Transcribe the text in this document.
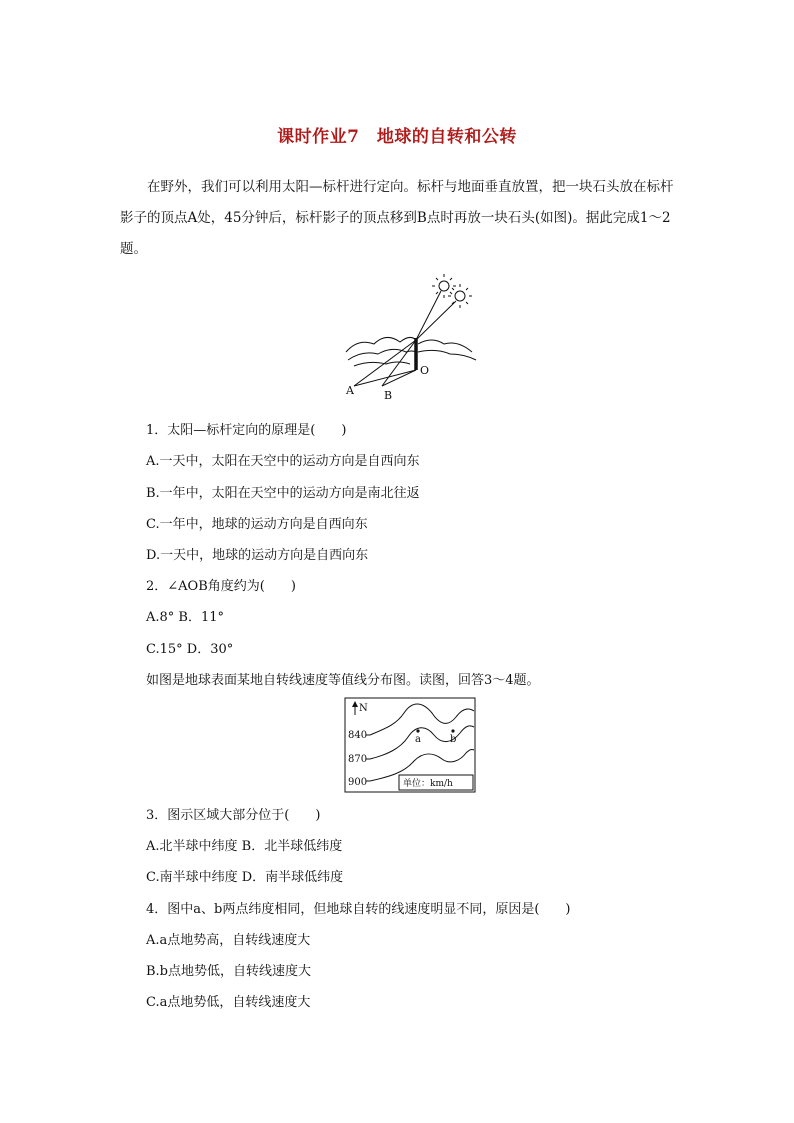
课时作业7　地球的自转和公转
在野外，我们可以利用太阳—标杆进行定向。标杆与地面垂直放置，把一块石头放在标杆影子的顶点A处，45分钟后，标杆影子的顶点移到B点时再放一块石头(如图)。据此完成1～2题。
A	B
O
1．太阳—标杆定向的原理是(　　)
A.一天中，太阳在天空中的运动方向是自西向东
B.一年中，太阳在天空中的运动方向是南北往返
C.一年中，地球的运动方向是自西向东
D.一天中，地球的运动方向是自西向东
2．∠AOB角度约为(　　)
A.8° B．11°
C.15° D．30°
如图是地球表面某地自转线速度等值线分布图。读图，回答3～4题。
N
840
870
900
a	b
单位：km/h
3．图示区域大部分位于(　　)
A.北半球中纬度 B．北半球低纬度
C.南半球中纬度 D．南半球低纬度
4．图中a、b两点纬度相同，但地球自转的线速度明显不同，原因是(　　)
A.a点地势高，自转线速度大
B.b点地势低，自转线速度大
C.a点地势低，自转线速度大
